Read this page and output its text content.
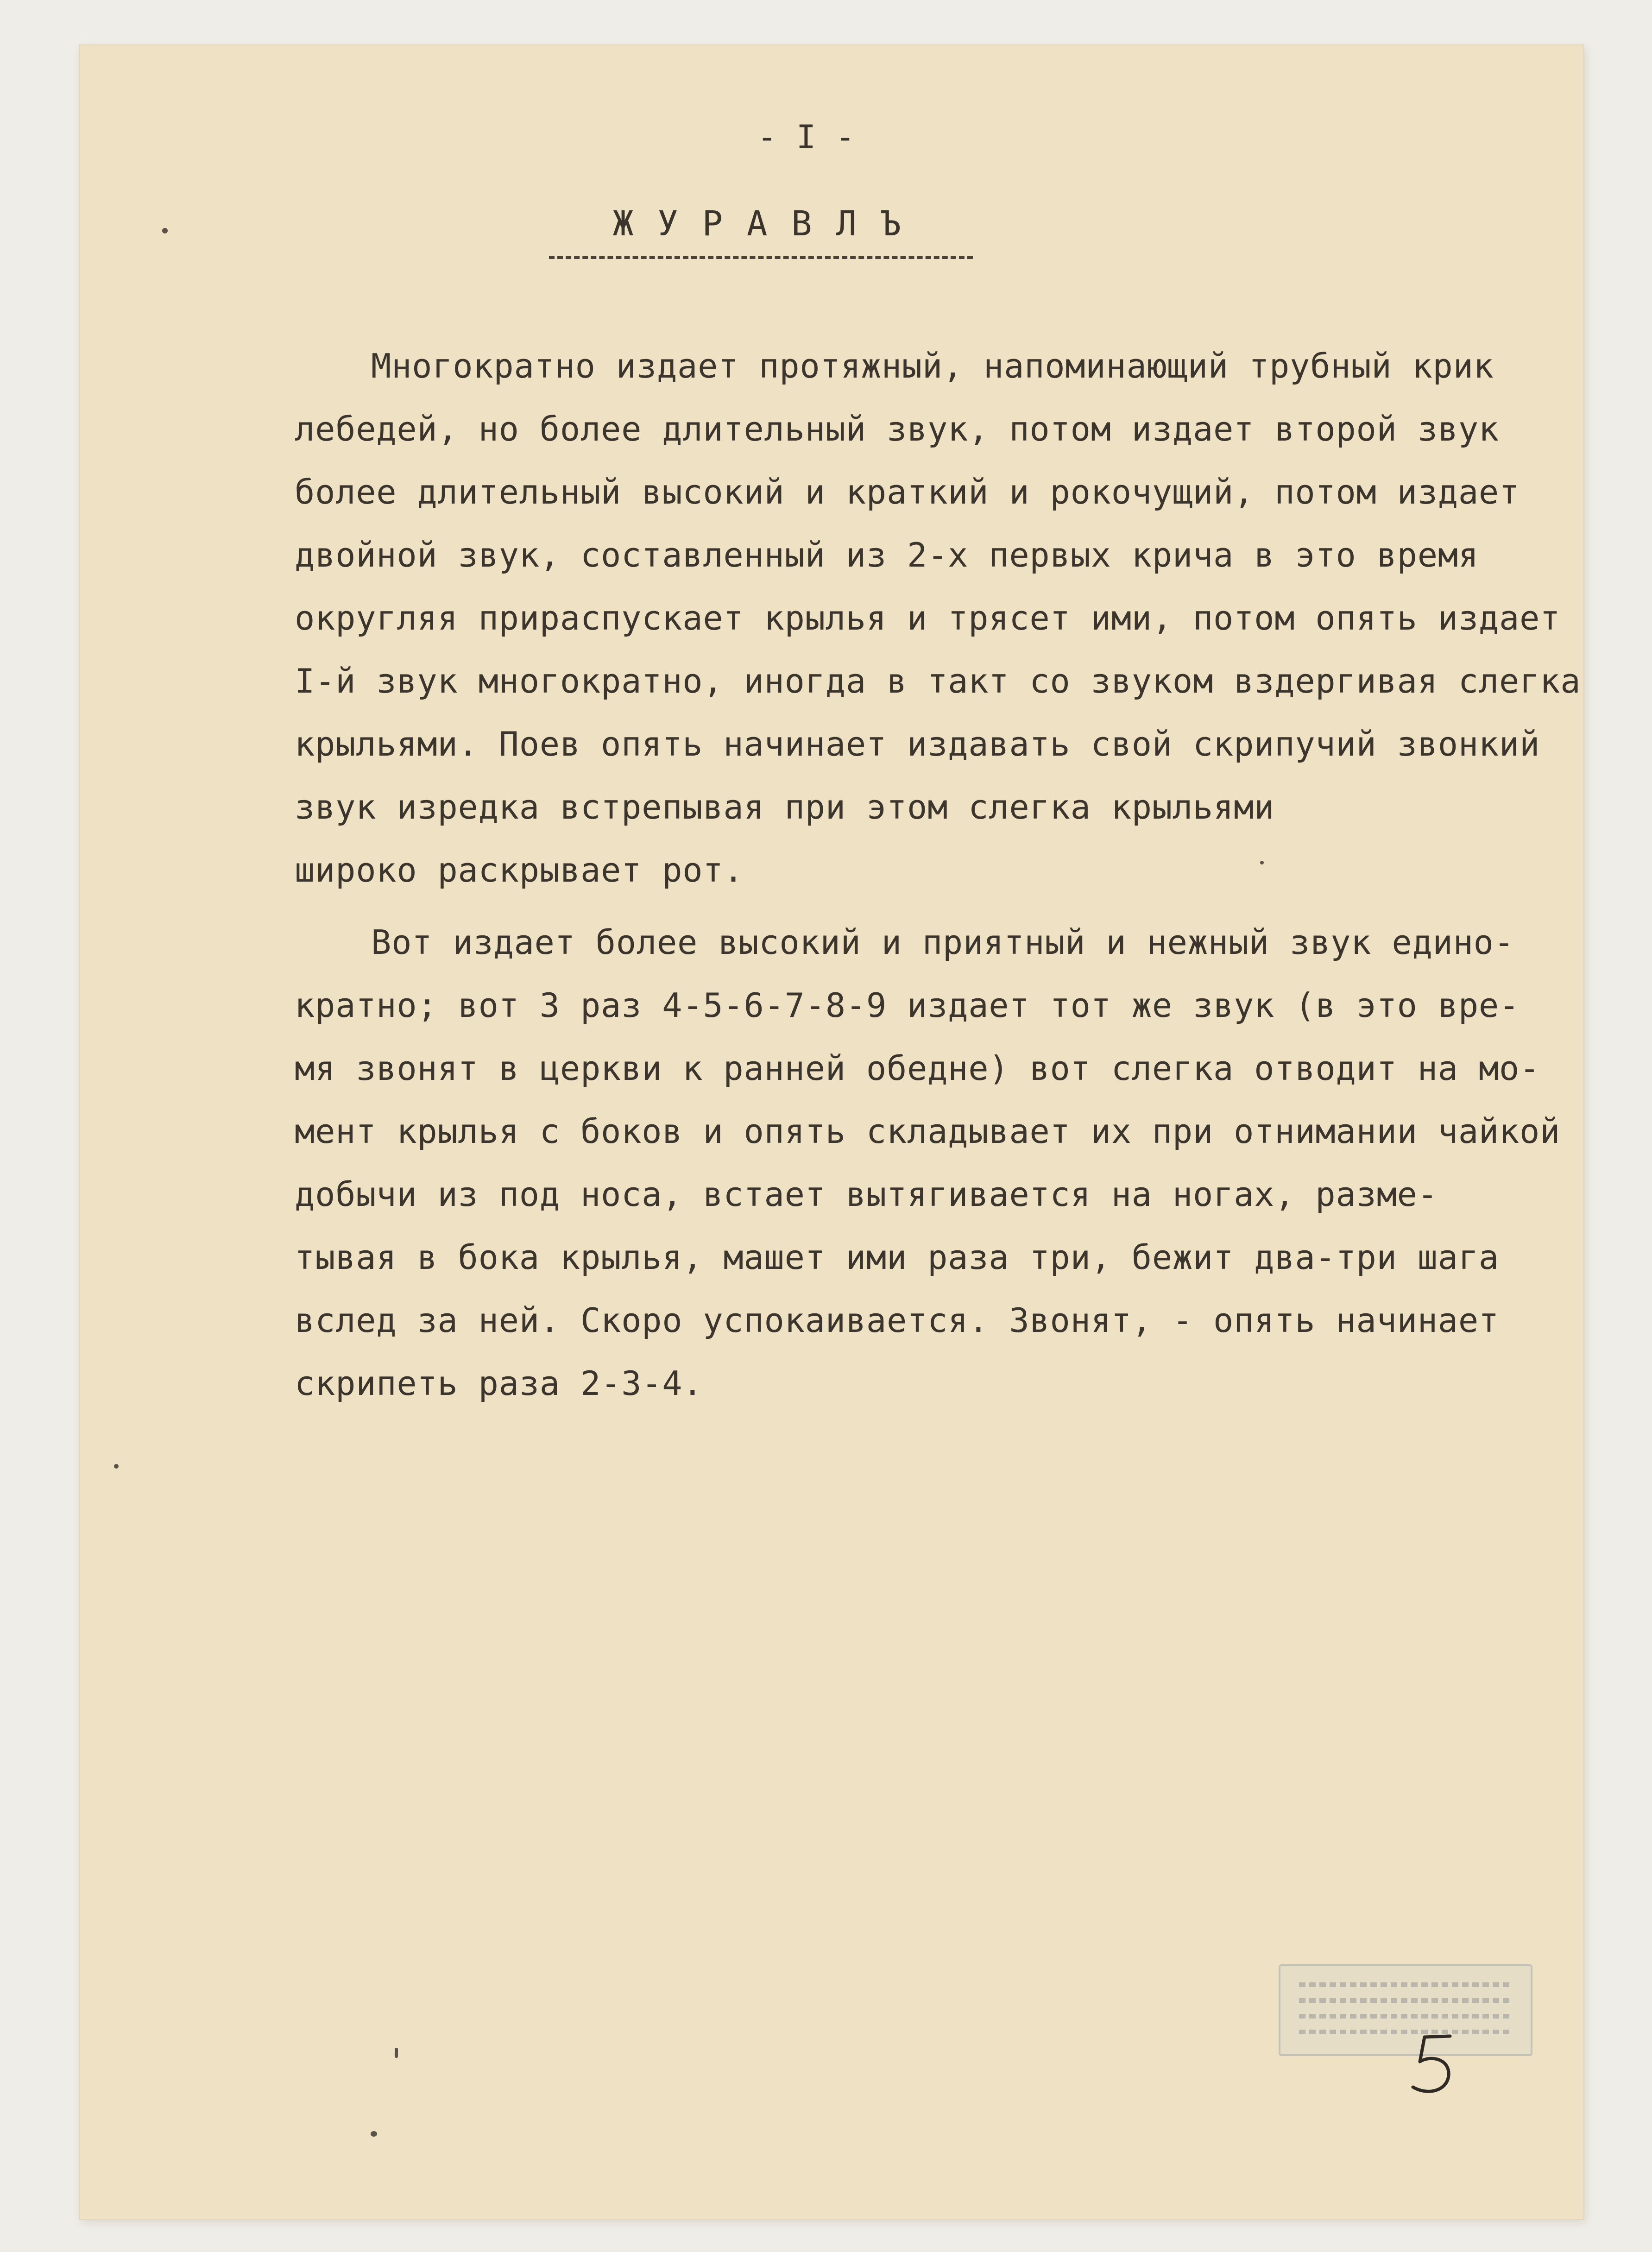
- I -
ЖУРАВЛЪ
Многократно издает протяжный, напоминающий трубный крик
лебедей, но более длительный звук, потом издает второй звук
более длительный высокий и краткий и рокочущий, потом издает
двойной звук, составленный из 2-х первых крича в это время
округляя прираспускает крылья и трясет ими, потом опять издает
I-й звук многократно, иногда в такт со звуком вздергивая слегка
крыльями. Поев опять начинает издавать свой скрипучий звонкий
звук изредка встрепывая при этом слегка крыльями
широко раскрывает рот.
Вот издает более высокий и приятный и нежный звук едино-
кратно; вот 3 раз 4-5-6-7-8-9 издает тот же звук (в это вре-
мя звонят в церкви к ранней обедне) вот слегка отводит на мо-
мент крылья с боков и опять складывает их при отнимании чайкой
добычи из под носа, встает вытягивается на ногах, разме-
тывая в бока крылья, машет ими раза три, бежит два-три шага
вслед за ней. Скоро успокаивается. Звонят, - опять начинает
скрипеть раза 2-3-4.
